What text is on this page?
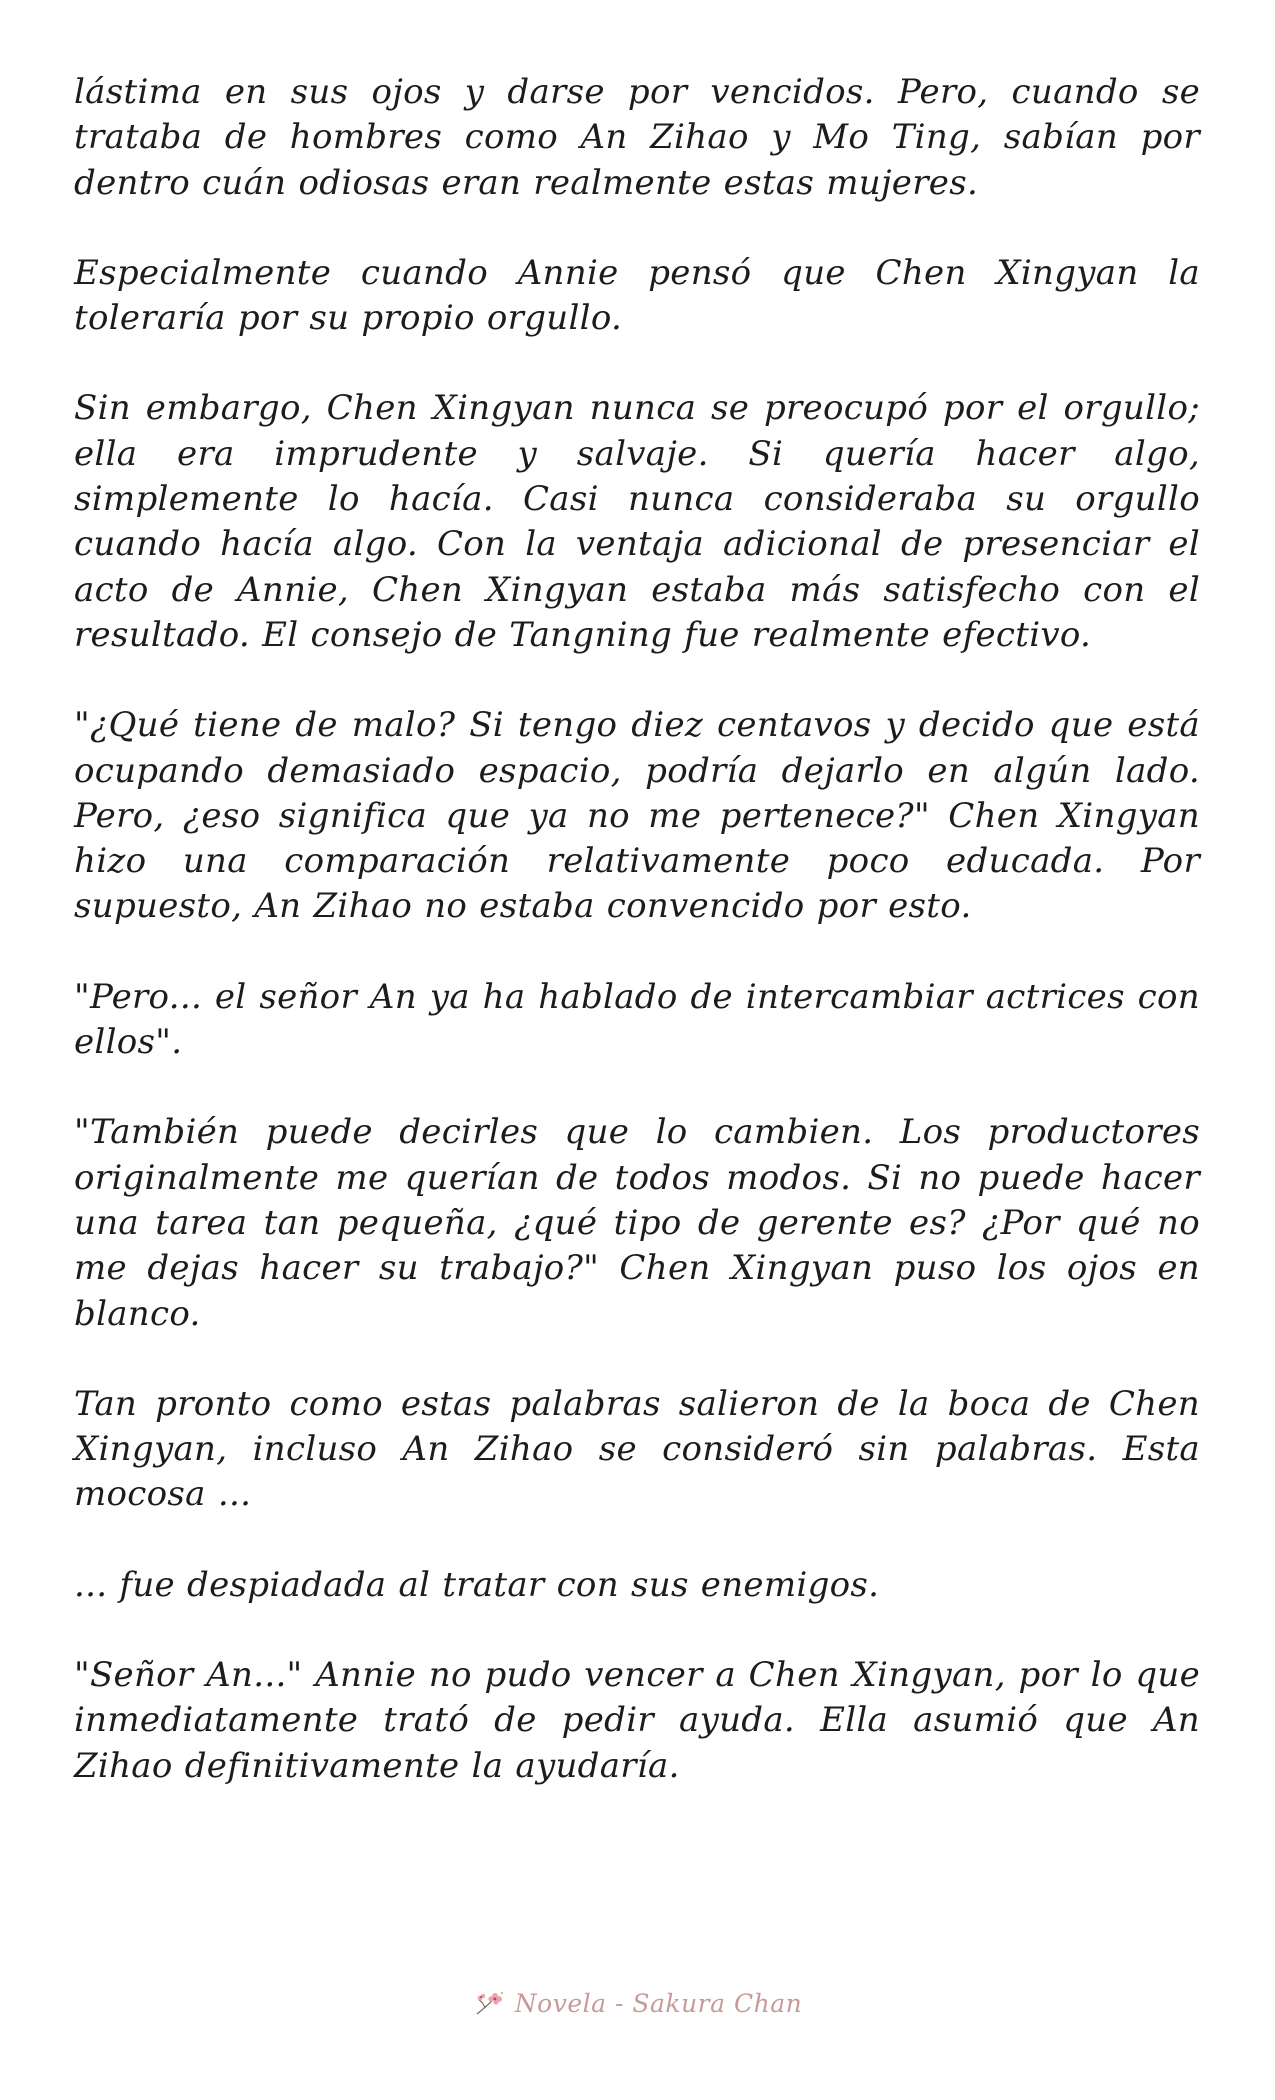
lástima en sus ojos y darse por vencidos. Pero, cuando se trataba de hombres como An Zihao y Mo Ting, sabían por dentro cuán odiosas eran realmente estas mujeres.

Especialmente cuando Annie pensó que Chen Xingyan la toleraría por su propio orgullo.

Sin embargo, Chen Xingyan nunca se preocupó por el orgullo; ella era imprudente y salvaje. Si quería hacer algo, simplemente lo hacía. Casi nunca consideraba su orgullo cuando hacía algo. Con la ventaja adicional de presenciar el acto de Annie, Chen Xingyan estaba más satisfecho con el resultado. El consejo de Tangning fue realmente efectivo.

"¿Qué tiene de malo? Si tengo diez centavos y decido que está ocupando demasiado espacio, podría dejarlo en algún lado. Pero, ¿eso significa que ya no me pertenece?" Chen Xingyan hizo una comparación relativamente poco educada. Por supuesto, An Zihao no estaba convencido por esto.

"Pero... el señor An ya ha hablado de intercambiar actrices con ellos".

"También puede decirles que lo cambien. Los productores originalmente me querían de todos modos. Si no puede hacer una tarea tan pequeña, ¿qué tipo de gerente es? ¿Por qué no me dejas hacer su trabajo?" Chen Xingyan puso los ojos en blanco.

Tan pronto como estas palabras salieron de la boca de Chen Xingyan, incluso An Zihao se consideró sin palabras. Esta mocosa ...

... fue despiadada al tratar con sus enemigos.

"Señor An..." Annie no pudo vencer a Chen Xingyan, por lo que inmediatamente trató de pedir ayuda. Ella asumió que An Zihao definitivamente la ayudaría.

Novela - Sakura Chan
